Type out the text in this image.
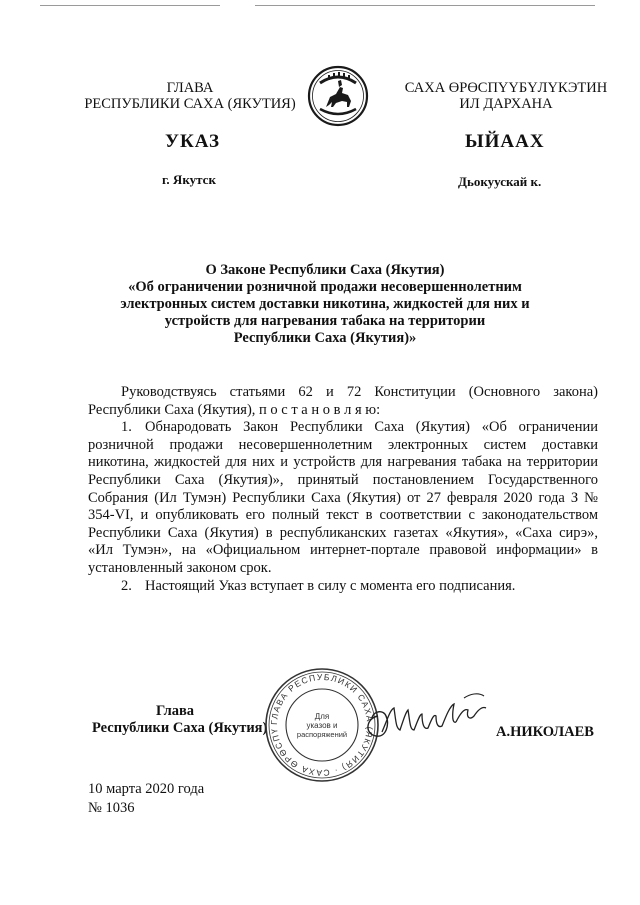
ГЛАВА
РЕСПУБЛИКИ САХА (ЯКУТИЯ)
САХА ӨРӨСПҮҮБҮЛҮКЭТИН
ИЛ ДАРХАНА
УКАЗ	ЫЙААХ
г. Якутск	Дьокуускай к.
О Законе Республики Саха (Якутия)
«Об ограничении розничной продажи несовершеннолетним
электронных систем доставки никотина, жидкостей для них и
устройств для нагревания табака на территории
Республики Саха (Якутия)»

Руководствуясь статьями 62 и 72 Конституции (Основного закона) Республики Саха (Якутия), п о с т а н о в л я ю:

1. Обнародовать Закон Республики Саха (Якутия) «Об ограничении розничной продажи несовершеннолетним электронных систем доставки никотина, жидкостей для них и устройств для нагревания табака на территории Республики Саха (Якутия)», принятый постановлением Государственного Собрания (Ил Тумэн) Республики Саха (Якутия) от 27 февраля 2020 года З № 354-VI, и опубликовать его полный текст в соответствии с законодательством Республики Саха (Якутия) в республиканских газетах «Якутия», «Саха сирэ», «Ил Тумэн», на «Официальном интернет-портале правовой информации» в установленный законом срок.

2. Настоящий Указ вступает в силу с момента его подписания.

Глава
Республики Саха (Якутия) ГЛАВА РЕСПУБЛИКИ САХА (ЯКУТИЯ) · САХА ӨРӨСПҮ
Для
указов и
распоряжений	А.НИКОЛАЕВ
10 марта 2020 года
№ 1036
